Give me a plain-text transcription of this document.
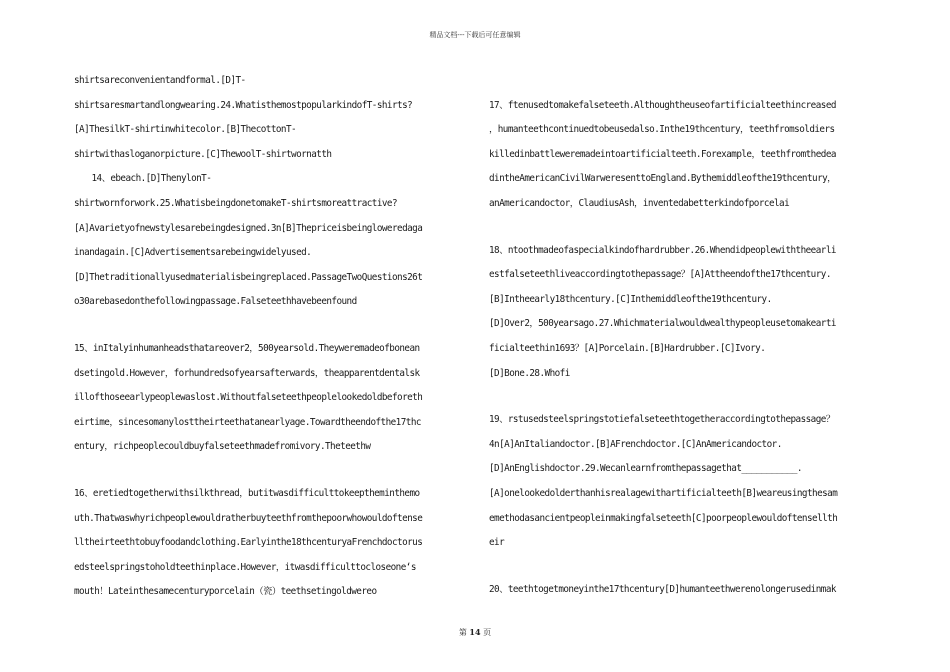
精品文档---下载后可任意编辑
shirtsareconvenientandformal.[D]T-
shirtsaresmartandlongwearing.24.WhatisthemostpopularkindofT-shirts?
[A]ThesilkT-shirtinwhitecolor.[B]ThecottonT-
shirtwithasloganorpicture.[C]ThewoolT-shirtwornatth
　　14、ebeach.[D]ThenylonT-
shirtwornforwork.25.WhatisbeingdonetomakeT-shirtsmoreattractive?
[A]Avarietyofnewstylesarebeingdesigned.3n[B]Thepriceisbeingloweredaga
inandagain.[C]Advertisementsarebeingwidelyused.
[D]Thetraditionallyusedmaterialisbeingreplaced.PassageTwoQuestions26t
o30arebasedonthefollowingpassage.Falseteethhavebeenfound
15、inItalyinhumanheadsthatareover2，500yearsold.Theyweremadeofbonean
dsetingold.However，forhundredsofyearsafterwards，theapparentdentalsk
illofthoseearlypeoplewaslost.Withoutfalseteethpeoplelookedoldbeforeth
eirtime，sincesomanylosttheirteethatanearlyage.Towardtheendofthe17thc
entury，richpeoplecouldbuyfalseteethmadefromivory.Theteethw
16、eretiedtogetherwithsilkthread，butitwasdifficulttokeeptheminthemo
uth.Thatwaswhyrichpeoplewouldratherbuyteethfromthepoorwhowouldoftense
lltheirteethtobuyfoodandclothing.Earlyinthe18thcenturyaFrenchdoctorus
edsteelspringstoholdteethinplace.However，itwasdifficulttocloseone‘s
mouth！Lateinthesamecenturyporcelain（瓷）teethsetingoldwereo
17、ftenusedtomakefalseteeth.Althoughtheuseofartificialteethincreased
，humanteethcontinuedtobeusedalso.Inthe19thcentury，teethfromsoldiers
killedinbattleweremadeintoartificialteeth.Forexample，teethfromthedea
dintheAmericanCivilWarweresenttoEngland.Bythemiddleofthe19thcentury，
anAmericandoctor，ClaudiusAsh，inventedabetterkindofporcelai
18、ntoothmadeofaspecialkindofhardrubber.26.Whendidpeoplewiththeearli
estfalseteethliveaccordingtothepassage？[A]Attheendofthe17thcentury.
[B]Intheearly18thcentury.[C]Inthemiddleofthe19thcentury.
[D]Over2，500yearsago.27.Whichmaterialwouldwealthypeopleusetomakearti
ficialteethin1693？[A]Porcelain.[B]Hardrubber.[C]Ivory.
[D]Bone.28.Whofi
19、rstusedsteelspringstotiefalseteethtogetheraccordingtothepassage？
4n[A]AnItaliandoctor.[B]AFrenchdoctor.[C]AnAmericandoctor.
[D]AnEnglishdoctor.29.Wecanlearnfromthepassagethat___________.
[A]onelookedolderthanhisrealagewithartificialteeth[B]weareusingthesam
emethodasancientpeopleinmakingfalseteeth[C]poorpeoplewouldoftensellth
eir
20、teethtogetmoneyinthe17thcentury[D]humanteethwerenolongerusedinmak
第 14 页
